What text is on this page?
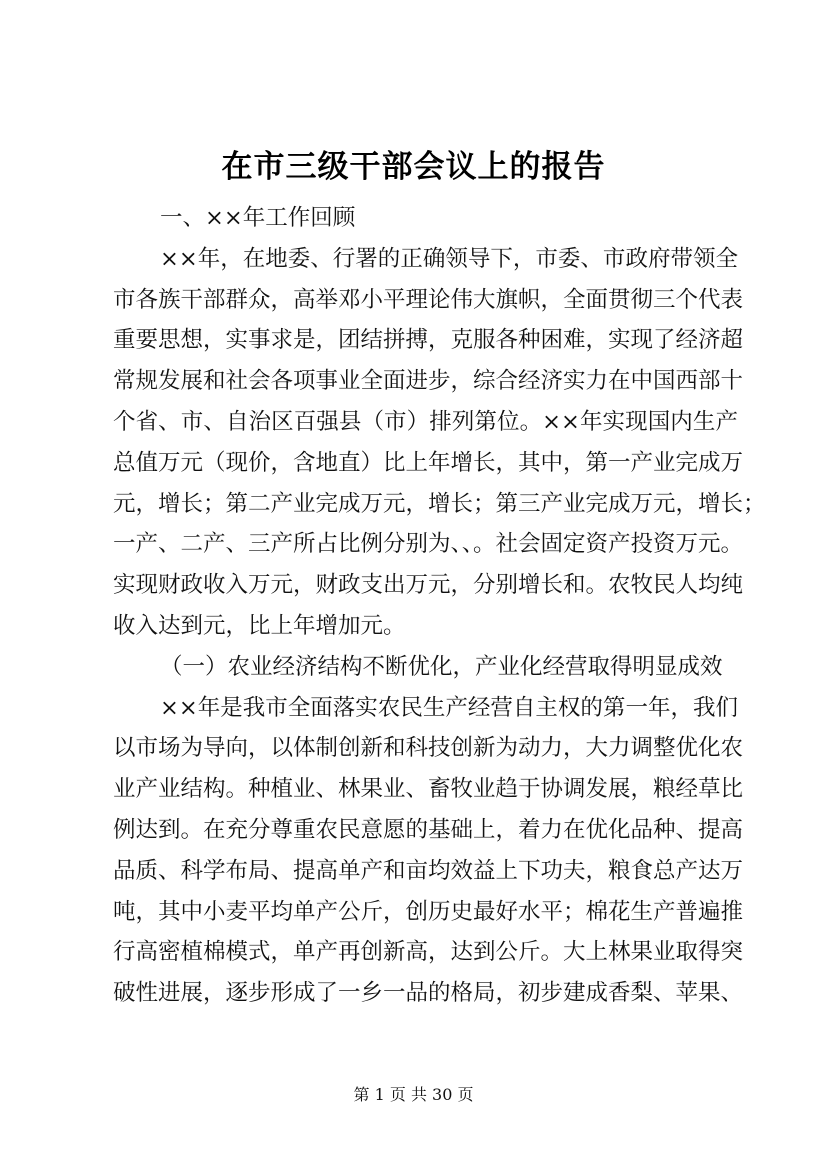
在市三级干部会议上的报告
一、××年工作回顾
××年，在地委、行署的正确领导下，市委、市政府带领全
市各族干部群众，高举邓小平理论伟大旗帜，全面贯彻三个代表
重要思想，实事求是，团结拼搏，克服各种困难，实现了经济超
常规发展和社会各项事业全面进步，综合经济实力在中国西部十
个省、市、自治区百强县（市）排列第位。××年实现国内生产
总值万元（现价，含地直）比上年增长，其中，第一产业完成万
元，增长；第二产业完成万元，增长；第三产业完成万元，增长；
一产、二产、三产所占比例分别为、、。社会固定资产投资万元。
实现财政收入万元，财政支出万元，分别增长和。农牧民人均纯
收入达到元，比上年增加元。
（一）农业经济结构不断优化，产业化经营取得明显成效
××年是我市全面落实农民生产经营自主权的第一年，我们
以市场为导向，以体制创新和科技创新为动力，大力调整优化农
业产业结构。种植业、林果业、畜牧业趋于协调发展，粮经草比
例达到。在充分尊重农民意愿的基础上，着力在优化品种、提高
品质、科学布局、提高单产和亩均效益上下功夫，粮食总产达万
吨，其中小麦平均单产公斤，创历史最好水平；棉花生产普遍推
行高密植棉模式，单产再创新高，达到公斤。大上林果业取得突
破性进展，逐步形成了一乡一品的格局，初步建成香梨、苹果、
第 1 页 共 30 页
